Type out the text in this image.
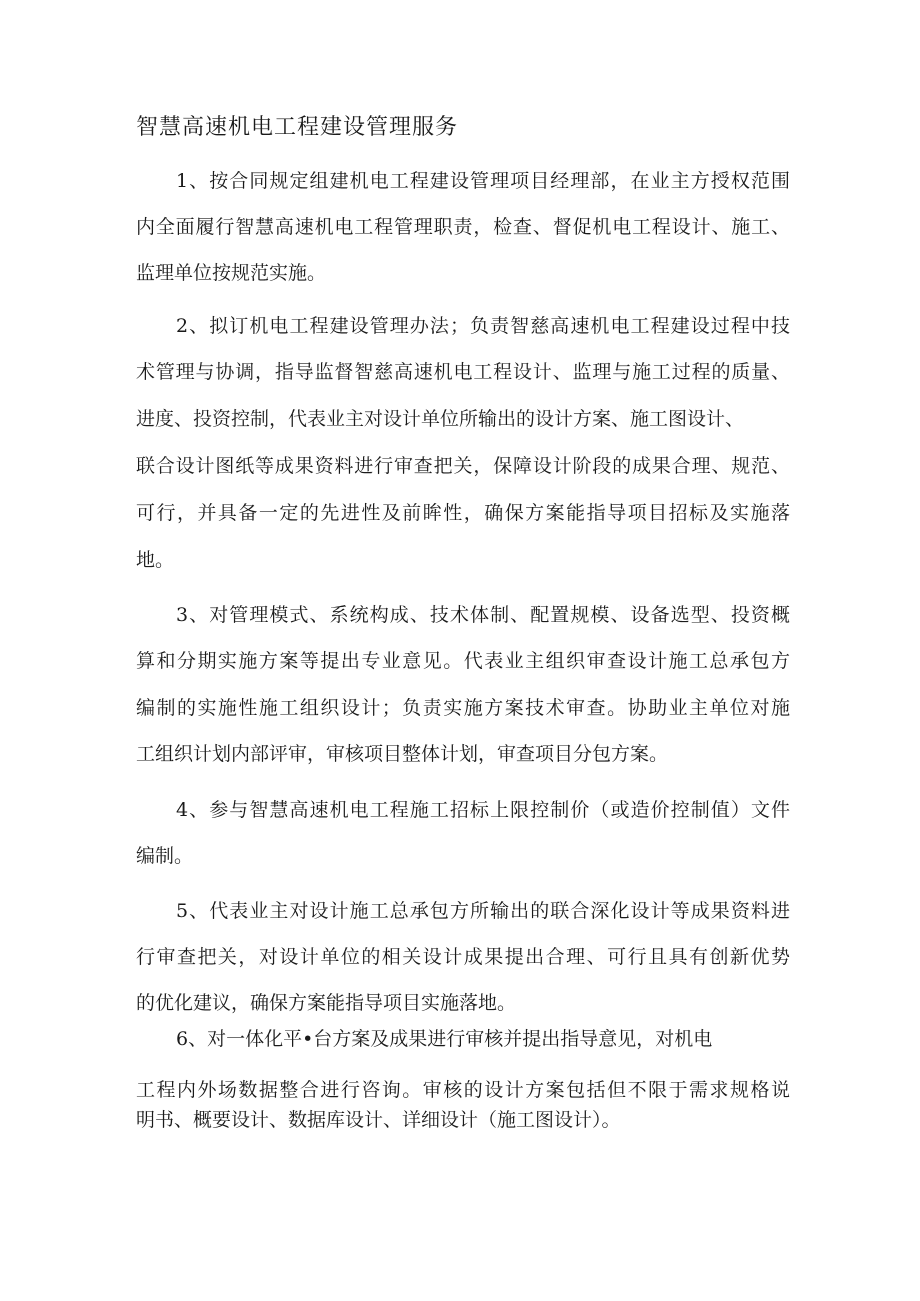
智慧高速机电工程建设管理服务
1、按合同规定组建机电工程建设管理项目经理部，在业主方授权范围
内全面履行智慧高速机电工程管理职责，检查、督促机电工程设计、施工、
监理单位按规范实施。
2、拟订机电工程建设管理办法；负责智慈高速机电工程建设过程中技
术管理与协调，指导监督智慈高速机电工程设计、监理与施工过程的质量、
进度、投资控制，代表业主对设计单位所输出的设计方案、施工图设计、
联合设计图纸等成果资料进行审查把关，保障设计阶段的成果合理、规范、
可行，并具备一定的先进性及前眸性，确保方案能指导项目招标及实施落
地。
3、对管理模式、系统构成、技术体制、配置规模、设备选型、投资概
算和分期实施方案等提出专业意见。代表业主组织审查设计施工总承包方
编制的实施性施工组织设计；负责实施方案技术审查。协助业主单位对施
工组织计划内部评审，审核项目整体计划，审查项目分包方案。
4、参与智慧高速机电工程施工招标上限控制价（或造价控制值）文件
编制。
5、代表业主对设计施工总承包方所输出的联合深化设计等成果资料进
行审查把关，对设计单位的相关设计成果提出合理、可行且具有创新优势
的优化建议，确保方案能指导项目实施落地。
6、对一体化平•台方案及成果进行审核并提出指导意见，对机电
工程内外场数据整合进行咨询。审核的设计方案包括但不限于需求规格说
明书、概要设计、数据库设计、详细设计（施工图设计）。
